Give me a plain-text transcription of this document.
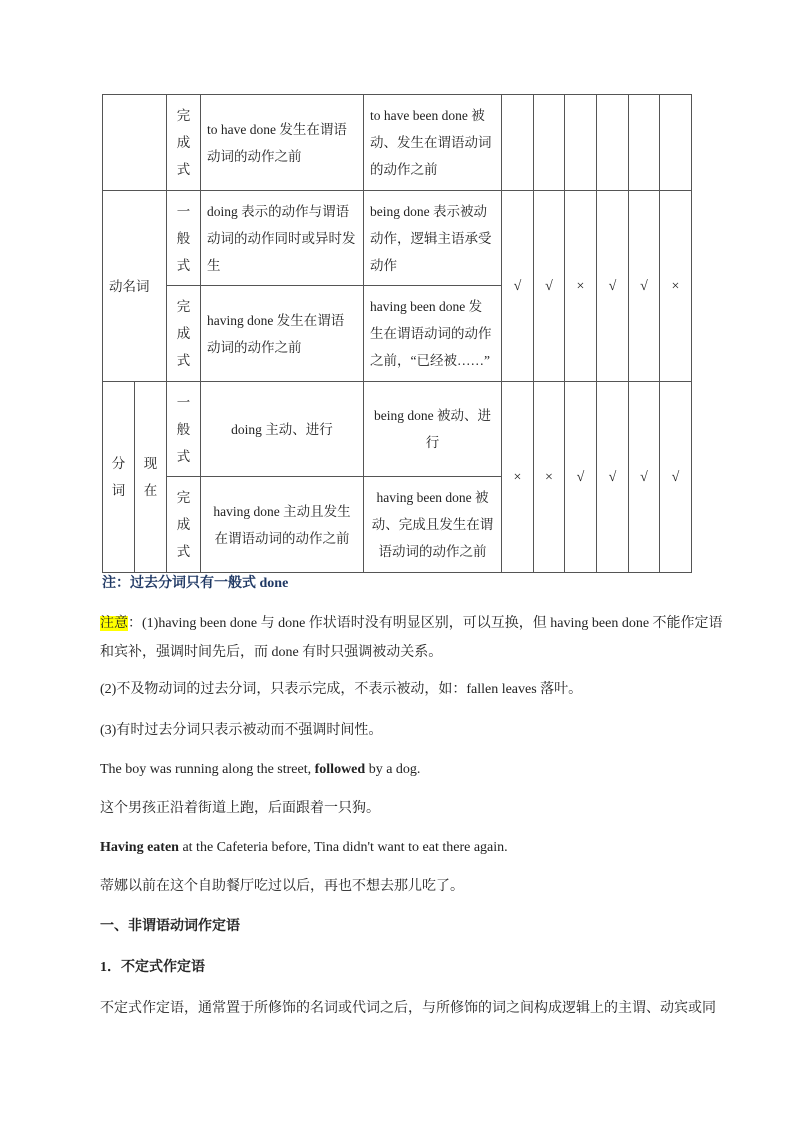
		完成式	to have done 发生在谓语动词的动作之前	to have been done 被动、发生在谓语动词的动作之前						
动名词		一般式	doing 表示的动作与谓语动词的动作同时或异时发生	being done 表示被动动作，逻辑主语承受动作	√	√	×	√	√	×
		完成式	having done 发生在谓语动词的动作之前	having been done 发生在谓语动词的动作之前，“已经被……”						
分词	现在	一般式	doing 主动、进行	being done 被动、进行	×	×	√	√	√	√
		完成式	having done 主动且发生在谓语动词的动作之前	having been done 被动、完成且发生在谓语动词的动作之前						
注：过去分词只有一般式 done
注意：(1)having been done 与 done 作状语时没有明显区别，可以互换，但 having been done 不能作定语和宾补，强调时间先后，而 done 有时只强调被动关系。
(2)不及物动词的过去分词，只表示完成，不表示被动，如：fallen leaves 落叶。
(3)有时过去分词只表示被动而不强调时间性。
The boy was running along the street, followed by a dog.
这个男孩正沿着街道上跑，后面跟着一只狗。
Having eaten at the Cafeteria before, Tina didn't want to eat there again.
蒂娜以前在这个自助餐厅吃过以后，再也不想去那儿吃了。
一、非谓语动词作定语
1．不定式作定语
不定式作定语，通常置于所修饰的名词或代词之后，与所修饰的词之间构成逻辑上的主谓、动宾或同
